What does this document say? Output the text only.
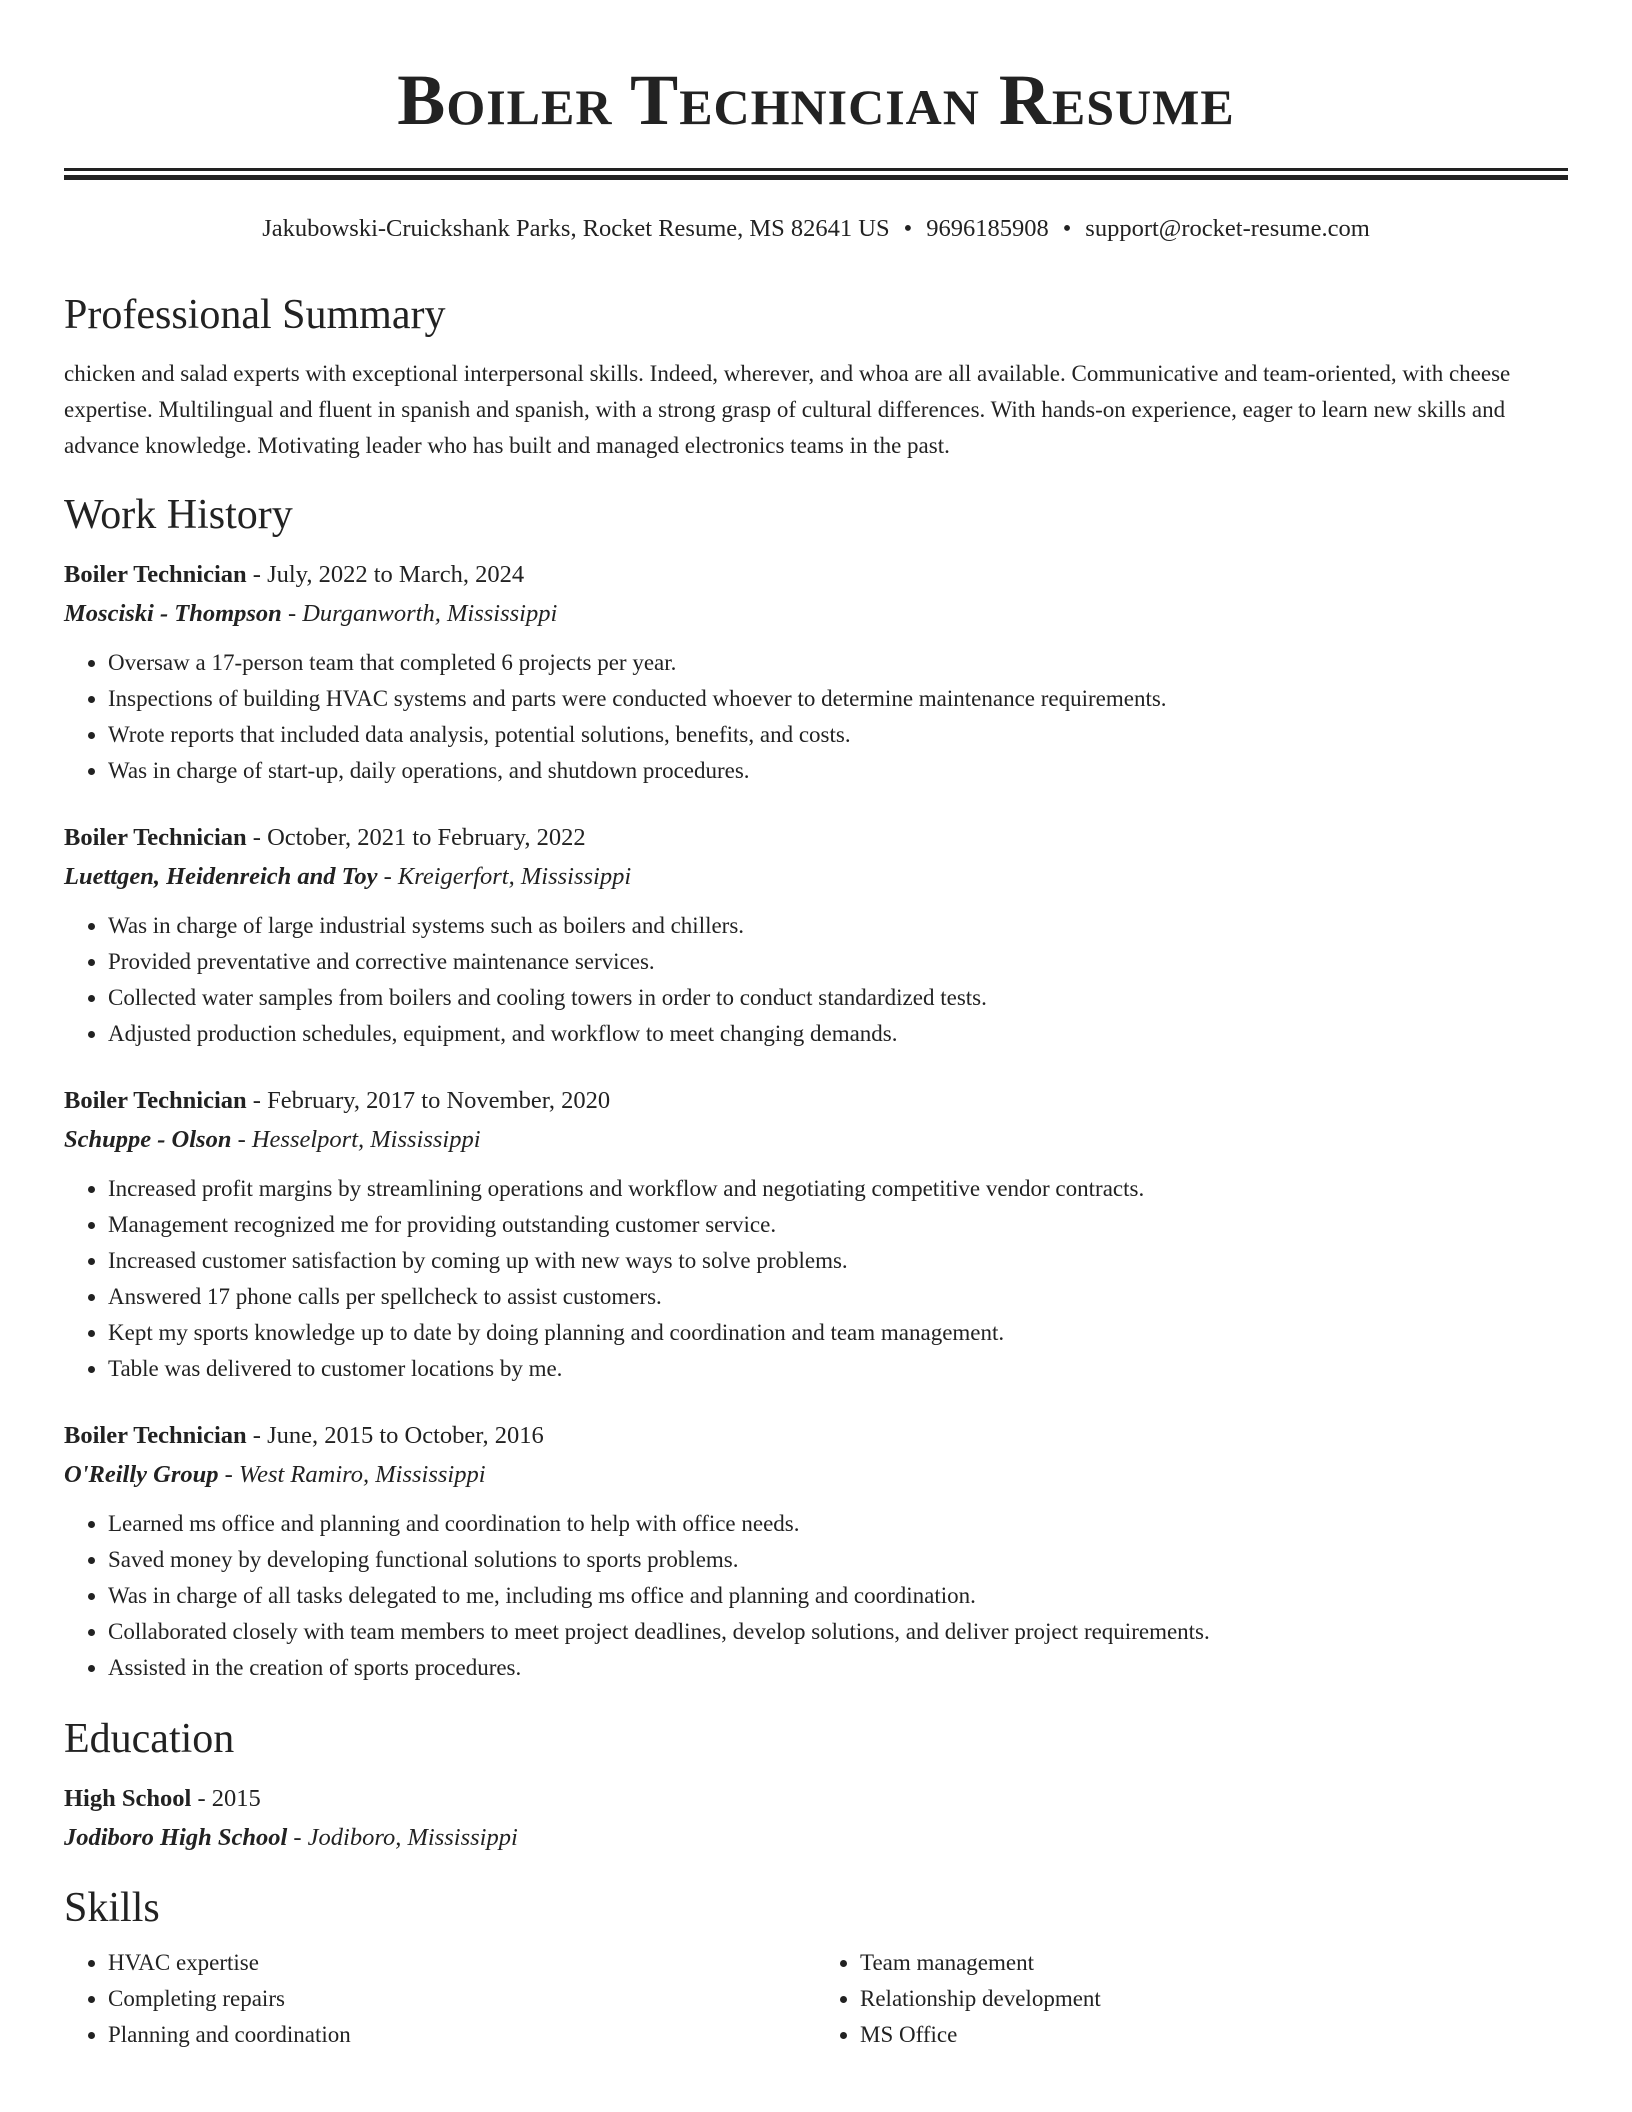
Boiler Technician Resume
Jakubowski-Cruickshank Parks, Rocket Resume, MS 82641 US • 9696185908 • support@rocket-resume.com
Professional Summary

chicken and salad experts with exceptional interpersonal skills. Indeed, wherever, and whoa are all available. Communicative and team-oriented, with cheese expertise. Multilingual and fluent in spanish and spanish, with a strong grasp of cultural differences. With hands-on experience, eager to learn new skills and advance knowledge. Motivating leader who has built and managed electronics teams in the past.

Work History
Boiler Technician - July, 2022 to March, 2024
Mosciski - Thompson - Durganworth, Mississippi
• Oversaw a 17-person team that completed 6 projects per year.
• Inspections of building HVAC systems and parts were conducted whoever to determine maintenance requirements.
• Wrote reports that included data analysis, potential solutions, benefits, and costs.
• Was in charge of start-up, daily operations, and shutdown procedures.
Boiler Technician - October, 2021 to February, 2022
Luettgen, Heidenreich and Toy - Kreigerfort, Mississippi
• Was in charge of large industrial systems such as boilers and chillers.
• Provided preventative and corrective maintenance services.
• Collected water samples from boilers and cooling towers in order to conduct standardized tests.
• Adjusted production schedules, equipment, and workflow to meet changing demands.
Boiler Technician - February, 2017 to November, 2020
Schuppe - Olson - Hesselport, Mississippi
• Increased profit margins by streamlining operations and workflow and negotiating competitive vendor contracts.
• Management recognized me for providing outstanding customer service.
• Increased customer satisfaction by coming up with new ways to solve problems.
• Answered 17 phone calls per spellcheck to assist customers.
• Kept my sports knowledge up to date by doing planning and coordination and team management.
• Table was delivered to customer locations by me.
Boiler Technician - June, 2015 to October, 2016
O'Reilly Group - West Ramiro, Mississippi
• Learned ms office and planning and coordination to help with office needs.
• Saved money by developing functional solutions to sports problems.
• Was in charge of all tasks delegated to me, including ms office and planning and coordination.
• Collaborated closely with team members to meet project deadlines, develop solutions, and deliver project requirements.
• Assisted in the creation of sports procedures.
Education
High School - 2015
Jodiboro High School - Jodiboro, Mississippi
Skills
• HVAC expertise
• Completing repairs
• Planning and coordination
• Team management
• Relationship development
• MS Office
